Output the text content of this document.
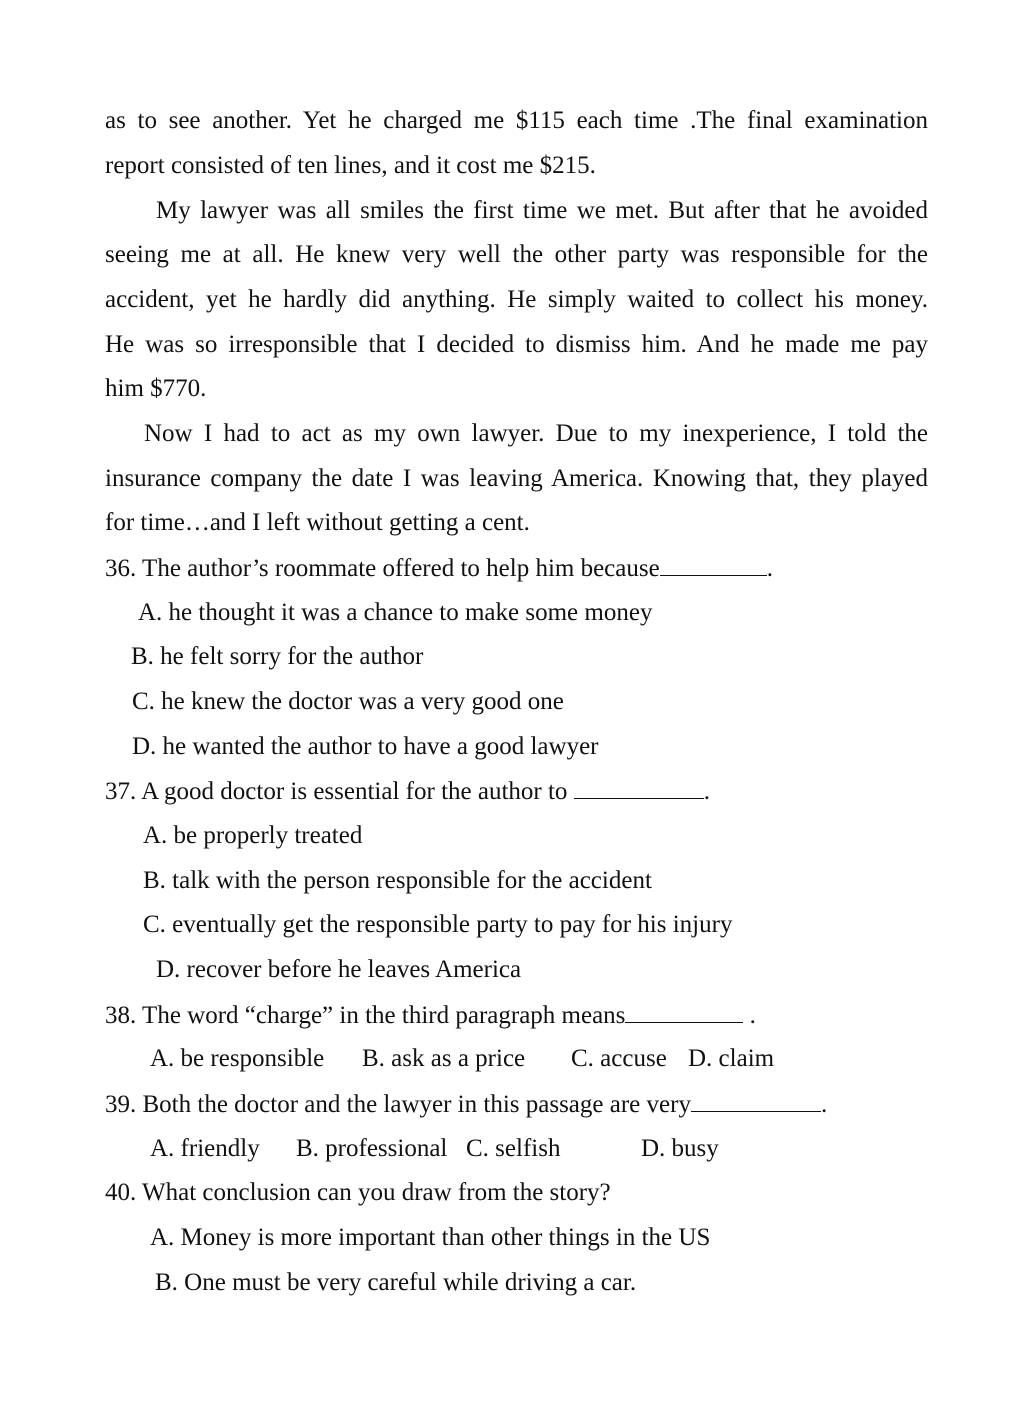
as to see another. Yet he charged me $115 each time .The final examination
report consisted of ten lines, and it cost me $215.
My lawyer was all smiles the first time we met. But after that he avoided
seeing me at all. He knew very well the other party was responsible for the
accident, yet he hardly did anything. He simply waited to collect his money.
He was so irresponsible that I decided to dismiss him. And he made me pay
him $770.
Now I had to act as my own lawyer. Due to my inexperience, I told the
insurance company the date I was leaving America. Knowing that, they played
for time…and I left without getting a cent.
36. The author’s roommate offered to help him because	.
A. he thought it was a chance to make some money
B. he felt sorry for the author
C. he knew the doctor was a very good one
D. he wanted the author to have a good lawyer
37. A good doctor is essential for the author to	.
A. be properly treated
B. talk with the person responsible for the accident
C. eventually get the responsible party to pay for his injury
D. recover before he leaves America
38. The word “charge” in the third paragraph means	.
A. be responsible B. ask as a price C. accuse D. claim
39. Both the doctor and the lawyer in this passage are very	.
A. friendly B. professional C. selfish	D. busy
40. What conclusion can you draw from the story?
A. Money is more important than other things in the US
B. One must be very careful while driving a car.
